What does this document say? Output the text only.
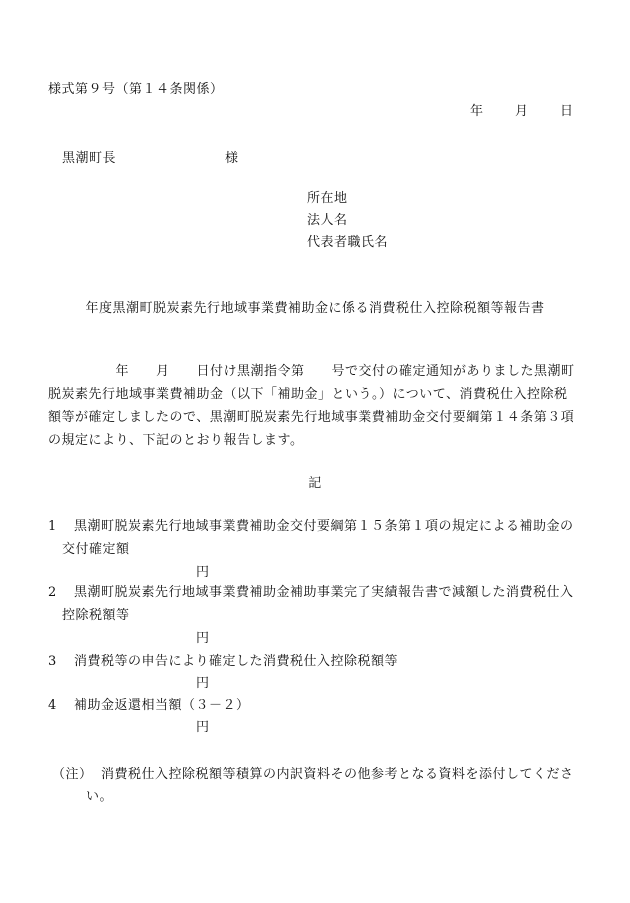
様式第９号（第１４条関係）
年　　月　　日
黒潮町長	様
所在地
法人名
代表者職氏名
年度黒潮町脱炭素先行地域事業費補助金に係る消費税仕入控除税額等報告書

　　　　　年　　月　　日付け黒潮指令第　　号で交付の確定通知がありました黒潮町

脱炭素先行地域事業費補助金（以下「補助金」という。）について、消費税仕入控除税

額等が確定しましたので、黒潮町脱炭素先行地域事業費補助金交付要綱第１４条第３項

の規定により、下記のとおり報告します。

記
1 黒潮町脱炭素先行地域事業費補助金交付要綱第１５条第１項の規定による補助金の
交付確定額
円
2 黒潮町脱炭素先行地域事業費補助金補助事業完了実績報告書で減額した消費税仕入
控除税額等
円
3 消費税等の申告により確定した消費税仕入控除税額等
円
4 補助金返還相当額（３－２）
円
（注） 消費税仕入控除税額等積算の内訳資料その他参考となる資料を添付してくださ
い。
